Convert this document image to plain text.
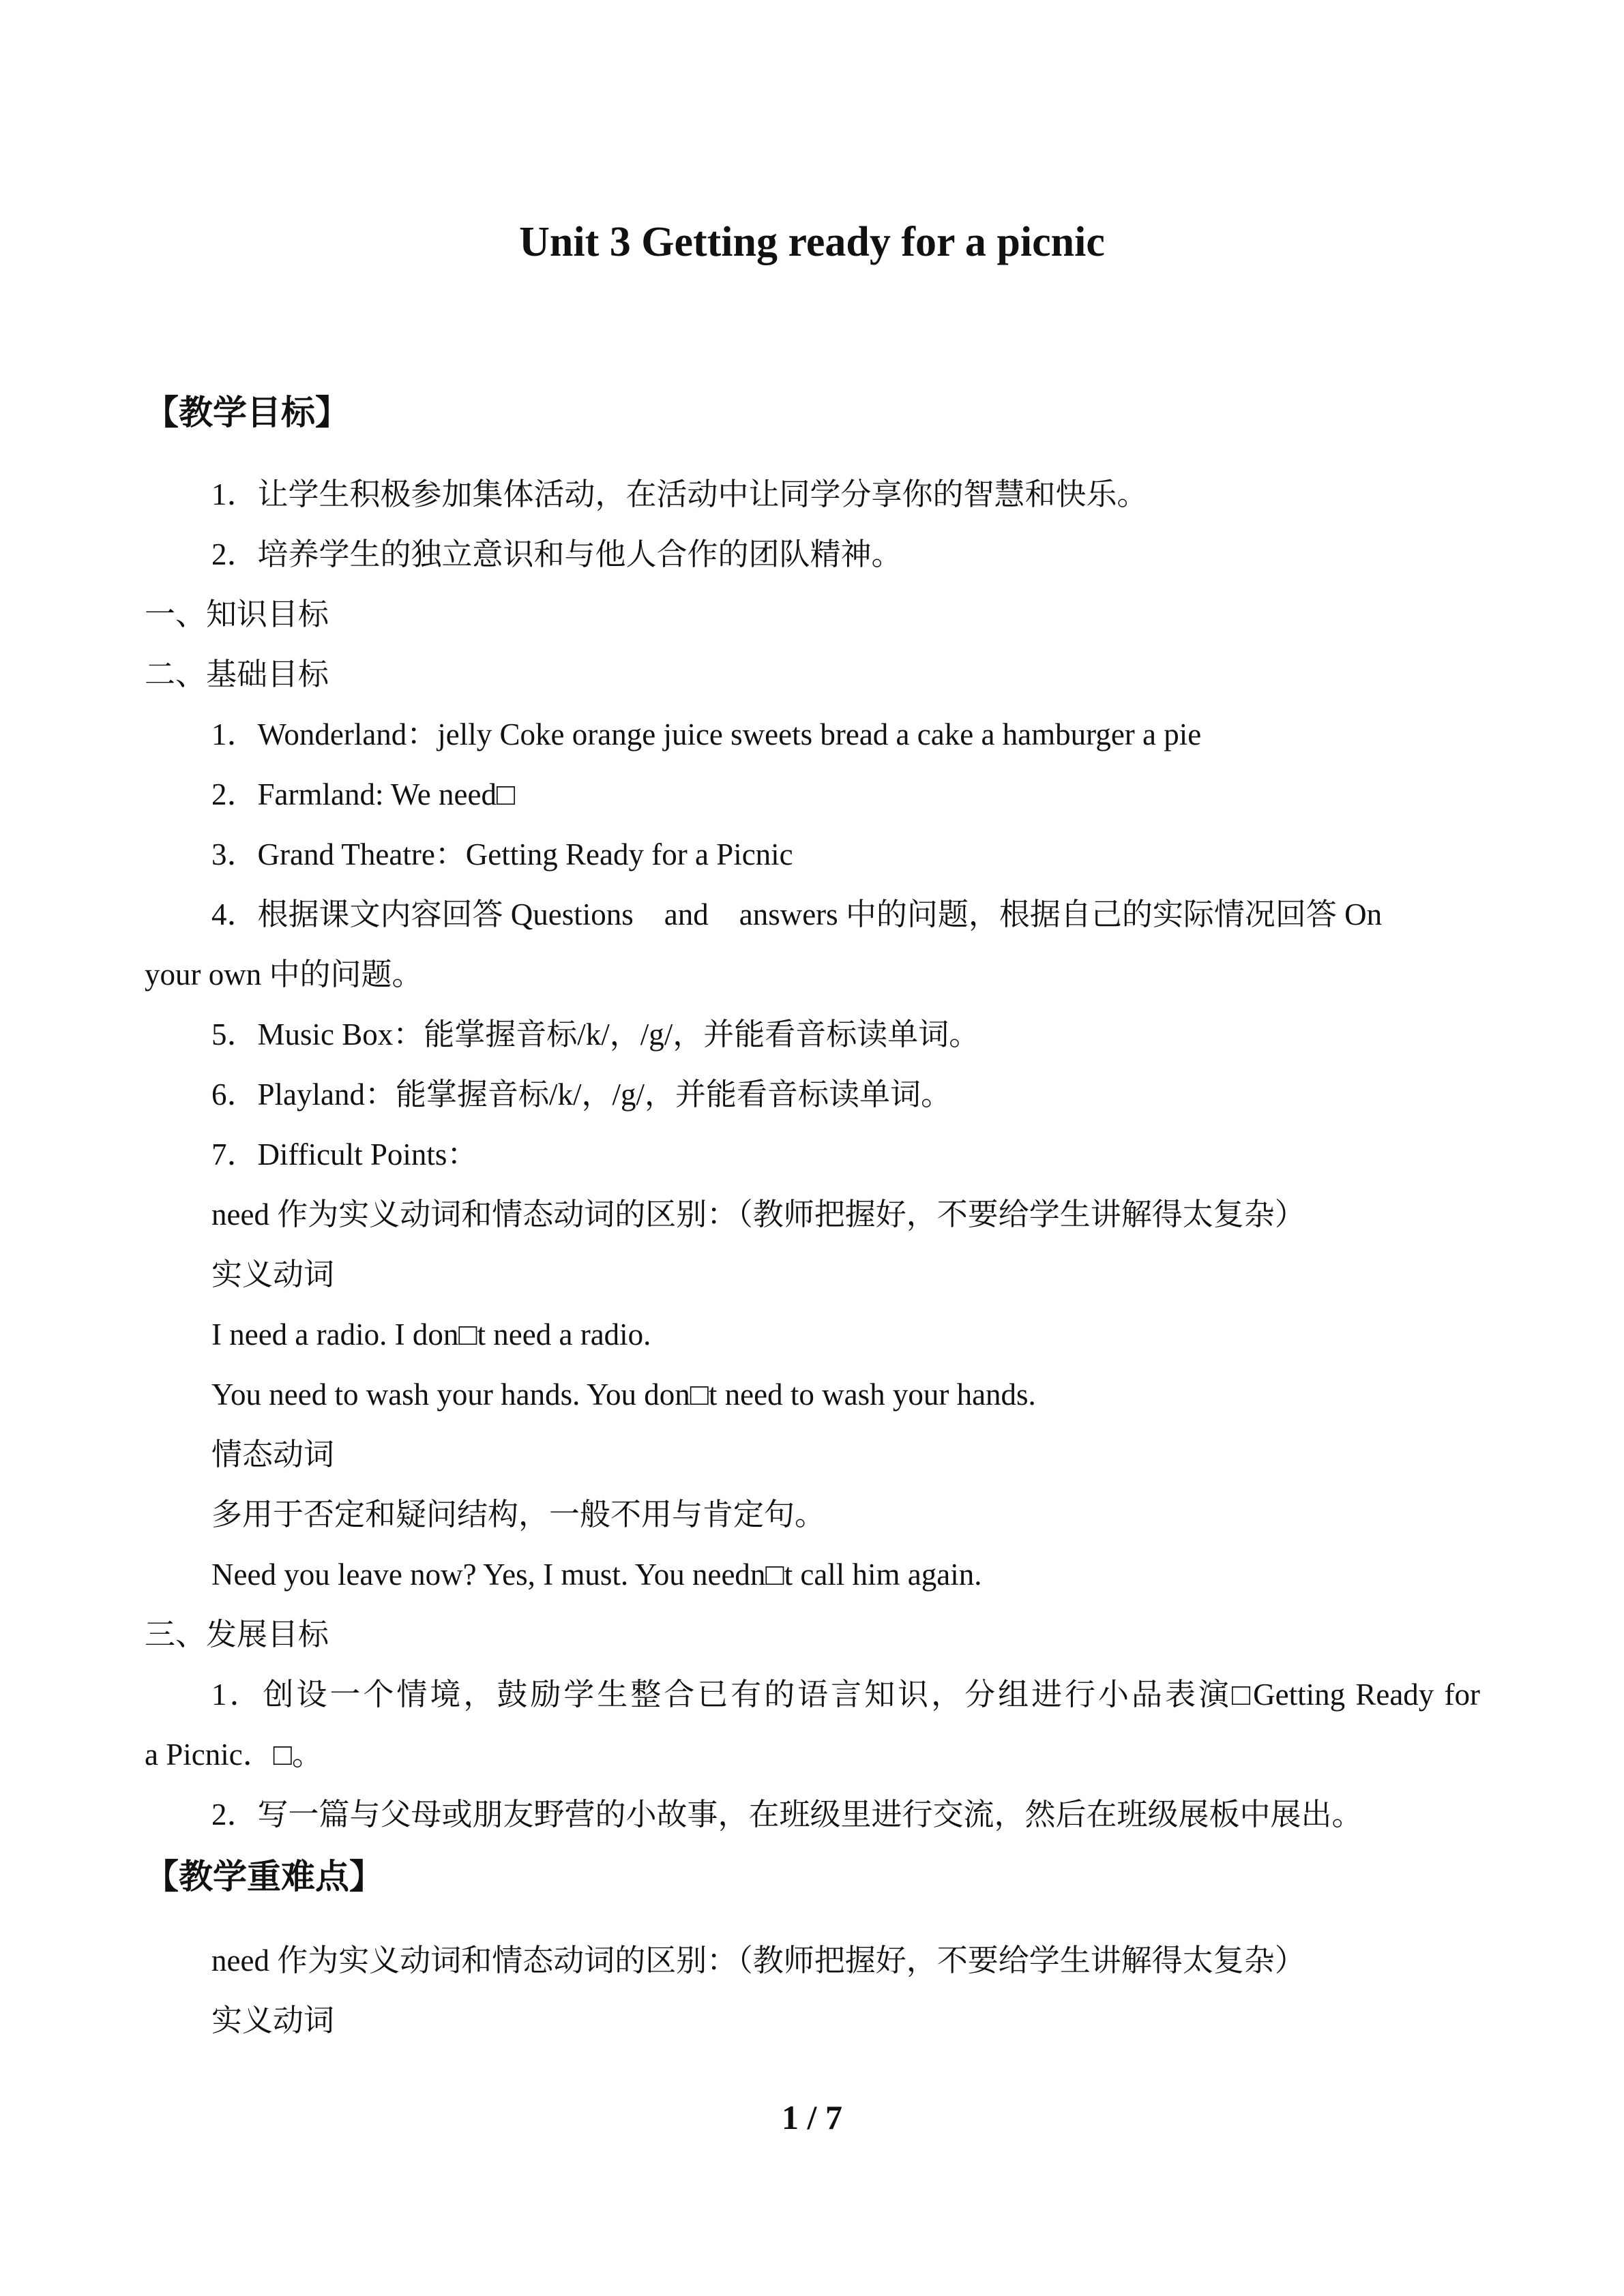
Unit 3 Getting ready for a picnic
【教学目标】
1．让学生积极参加集体活动，在活动中让同学分享你的智慧和快乐。
2．培养学生的独立意识和与他人合作的团队精神。
一、知识目标
二、基础目标
1．Wonderland：jelly Coke orange juice sweets bread a cake a hamburger a pie
2．Farmland: We need□
3．Grand Theatre：Getting Ready for a Picnic
4．根据课文内容回答 Questions　and　answers 中的问题，根据自己的实际情况回答 On
your own 中的问题。
5．Music Box：能掌握音标/k/，/g/，并能看音标读单词。
6．Playland：能掌握音标/k/，/g/，并能看音标读单词。
7．Difficult Points：
need 作为实义动词和情态动词的区别：（教师把握好，不要给学生讲解得太复杂）
实义动词
I need a radio. I don□t need a radio.
You need to wash your hands. You don□t need to wash your hands.
情态动词
多用于否定和疑问结构，一般不用与肯定句。
Need you leave now? Yes, I must. You needn□t call him again.
三、发展目标
1．创设一个情境，鼓励学生整合已有的语言知识，分组进行小品表演□Getting Ready for
a Picnic．□。
2．写一篇与父母或朋友野营的小故事，在班级里进行交流，然后在班级展板中展出。
【教学重难点】
need 作为实义动词和情态动词的区别：（教师把握好，不要给学生讲解得太复杂）
实义动词
1 / 7
